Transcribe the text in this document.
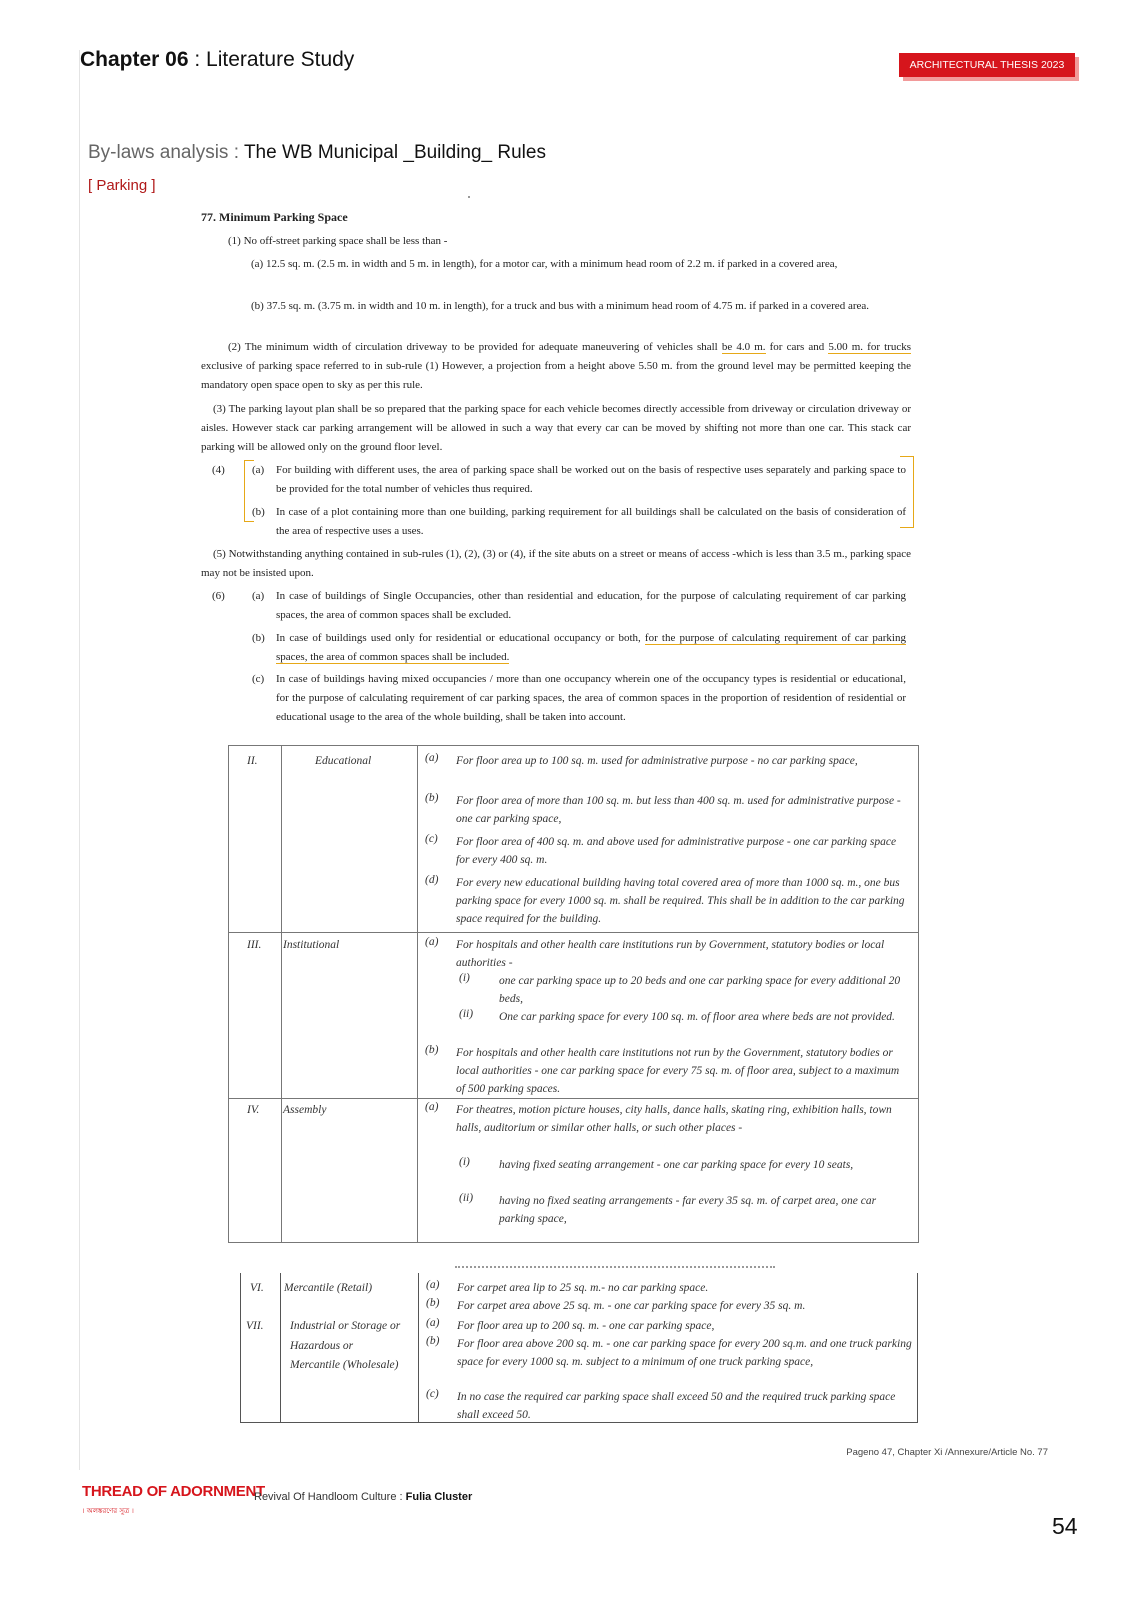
Chapter 06 : Literature Study	ARCHITECTURAL THESIS 2023
By-laws analysis : The WB Municipal _Building_ Rules
[ Parking ]
77. Minimum Parking Space
(1) No off-street parking space shall be less than -
(a) 12.5 sq. m. (2.5 m. in width and 5 m. in length), for a motor car, with a minimum head room of 2.2 m. if parked in a covered area,
(b) 37.5 sq. m. (3.75 m. in width and 10 m. in length), for a truck and bus with a minimum head room of 4.75 m. if parked in a covered area.
(2) The minimum width of circulation driveway to be provided for adequate maneuvering of vehicles shall be 4.0 m. for cars and 5.00 m. for trucks exclusive of parking space referred to in sub-rule (1) However, a projection from a height above 5.50 m. from the ground level may be permitted keeping the mandatory open space open to sky as per this rule.
(3) The parking layout plan shall be so prepared that the parking space for each vehicle becomes directly accessible from driveway or circulation driveway or aisles. However stack car parking arrangement will be allowed in such a way that every car can be moved by shifting not more than one car. This stack car parking will be allowed only on the ground floor level.
(4)	(a)	For building with different uses, the area of parking space shall be worked out on the basis of respective uses separately and parking space to be provided for the total number of vehicles thus required.
(b)	In case of a plot containing more than one building, parking requirement for all buildings shall be calculated on the basis of consideration of the area of respective uses a uses.
(5) Notwithstanding anything contained in sub-rules (1), (2), (3) or (4), if the site abuts on a street or means of access -which is less than 3.5 m., parking space may not be insisted upon.
(6)	(a)	In case of buildings of Single Occupancies, other than residential and education, for the purpose of calculating requirement of car parking spaces, the area of common spaces shall be excluded.
(b)	In case of buildings used only for residential or educational occupancy or both, for the purpose of calculating requirement of car parking spaces, the area of common spaces shall be included.
(c)	In case of buildings having mixed occupancies / more than one occupancy wherein one of the occupancy types is residential or educational, for the purpose of calculating requirement of car parking spaces, the area of common spaces in the proportion of residention of residential or educational usage to the area of the whole building, shall be taken into account.
II.	Educational	(a) For floor area up to 100 sq. m. used for administrative purpose - no car parking space,
(b) For floor area of more than 100 sq. m. but less than 400 sq. m. used for administrative purpose - one car parking space,
(c) For floor area of 400 sq. m. and above used for administrative purpose - one car parking space for every 400 sq. m.
(d) For every new educational building having total covered area of more than 1000 sq. m., one bus parking space for every 1000 sq. m. shall be required. This shall be in addition to the car parking space required for the building.
III. Institutional	(a) For hospitals and other health care institutions run by Government, statutory bodies or local authorities -
(i)	one car parking space up to 20 beds and one car parking space for every additional 20 beds,
(ii) One car parking space for every 100 sq. m. of floor area where beds are not provided.
(b) For hospitals and other health care institutions not run by the Government, statutory bodies or local authorities - one car parking space for every 75 sq. m. of floor area, subject to a maximum of 500 parking spaces.
IV. Assembly	(a) For theatres, motion picture houses, city halls, dance halls, skating ring, exhibition halls, town halls, auditorium or similar other halls, or such other places -
(i)	having fixed seating arrangement - one car parking space for every 10 seats,
(ii) having no fixed seating arrangements - far every 35 sq. m. of carpet area, one car parking space,
VI. Mercantile (Retail)	(a) For carpet area lip to 25 sq. m.- no car parking space.
(b) For carpet area above 25 sq. m. - one car parking space for every 35 sq. m.
VII. Industrial or Storage or Hazardous or Mercantile (Wholesale)
(a) For floor area up to 200 sq. m. - one car parking space,
(b) For floor area above 200 sq. m. - one car parking space for every 200 sq.m. and one truck parking space for every 1000 sq. m. subject to a minimum of one truck parking space,
(c) In no case the required car parking space shall exceed 50 and the required truck parking space shall exceed 50.
Pageno 47, Chapter Xi /Annexure/Article No. 77
THREAD OF ADORNMENT
। অলঙ্করণের সুত্র ।
Revival Of Handloom Culture : Fulia Cluster
54
